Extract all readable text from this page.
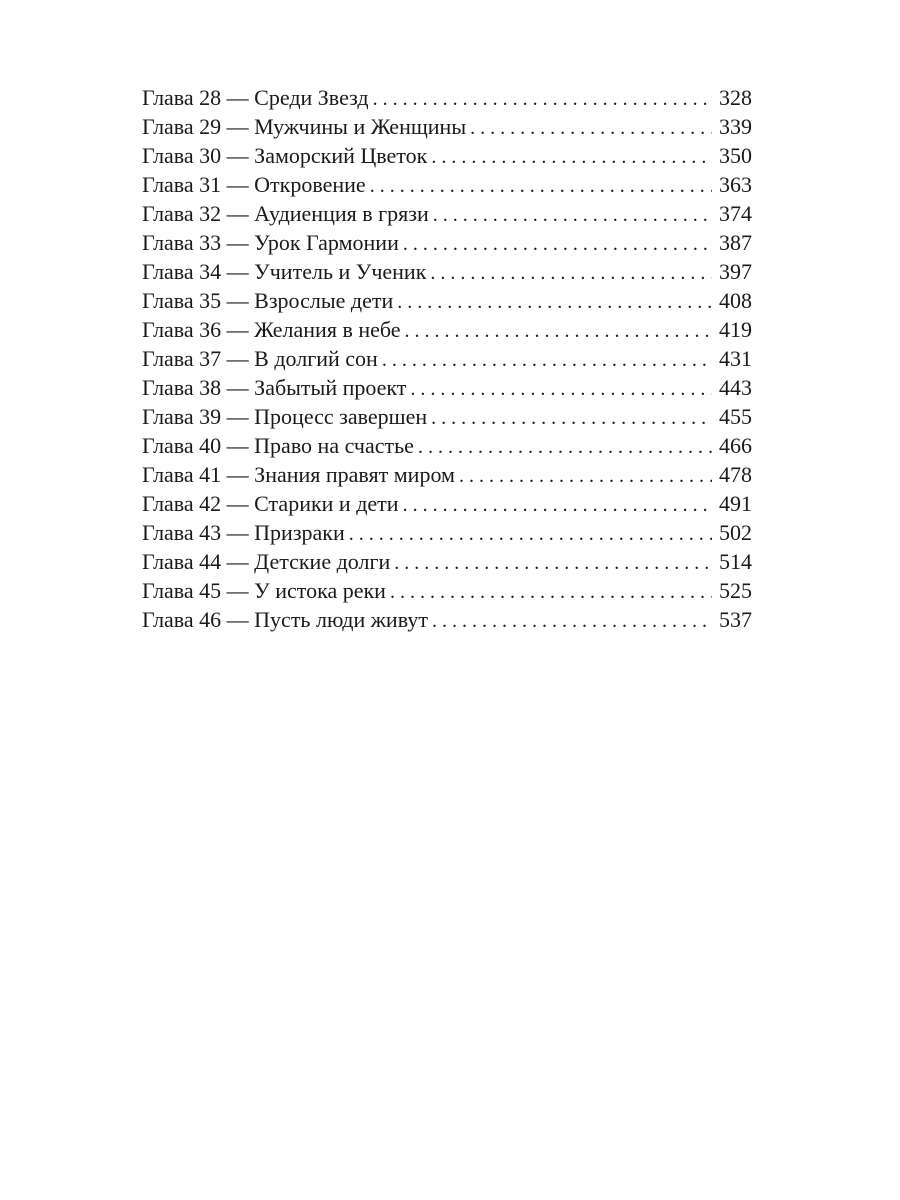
Глава 28 — Среди Звезд . . .	328
Глава 29 — Мужчины и Женщины . . .	339
Глава 30 — Заморский Цветок . . .	350
Глава 31 — Откровение . . .	363
Глава 32 — Аудиенция в грязи . . .	374
Глава 33 — Урок Гармонии . . .	387
Глава 34 — Учитель и Ученик . . .	397
Глава 35 — Взрослые дети . . .	408
Глава 36 — Желания в небе . . .	419
Глава 37 — В долгий сон . . .	431
Глава 38 — Забытый проект . . .	443
Глава 39 — Процесс завершен . . .	455
Глава 40 — Право на счастье . . .	466
Глава 41 — Знания правят миром . . .	478
Глава 42 — Старики и дети . . .	491
Глава 43 — Призраки . . .	502
Глава 44 — Детские долги . . .	514
Глава 45 — У истока реки . . .	525
Глава 46 — Пусть люди живут . . .	537
